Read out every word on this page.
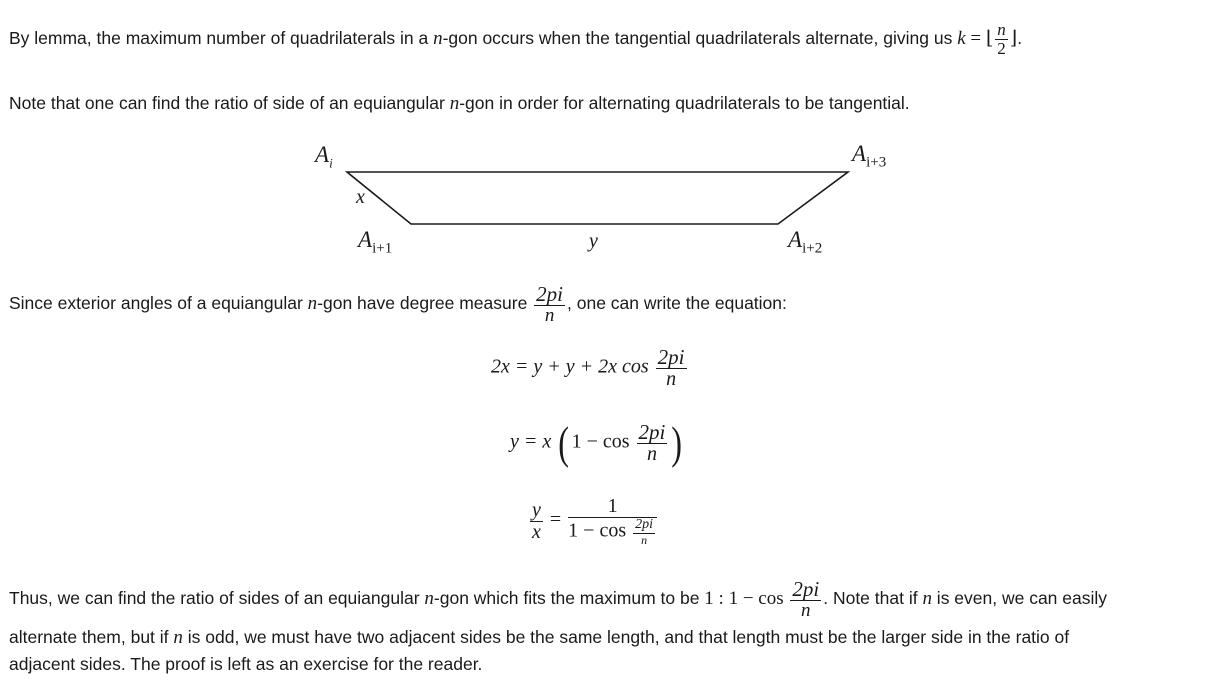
By lemma, the maximum number of quadrilaterals in a n-gon occurs when the tangential quadrilaterals alternate, giving us k = ⌊ $\frac{n}{2}$ ⌋.
Note that one can find the ratio of side of an equiangular n-gon in order for alternating quadrilaterals to be tangential.
$A_i$	$A_{i+3}$
$A_{i+1}$	$A_{i+2}$
x
y
Since exterior angles of a equiangular n-gon have degree measure $\frac{2pi}{n}$ , one can write the equation:
2x = y + y + 2x $\cos \frac{2pi}{n}$
y = x ( $1 - \cos \frac{2pi}{n}$ )
$\frac{y}{x} = \frac{1}{1 - \cos \frac{2pi}{n}}$
Thus, we can find the ratio of sides of an equiangular n-gon which fits the maximum to be 1 : $1 - \cos \frac{2pi}{n}$ . Note that if n is even, we can easily
alternate them, but if n is odd, we must have two adjacent sides be the same length, and that length must be the larger side in the ratio of
adjacent sides. The proof is left as an exercise for the reader.
